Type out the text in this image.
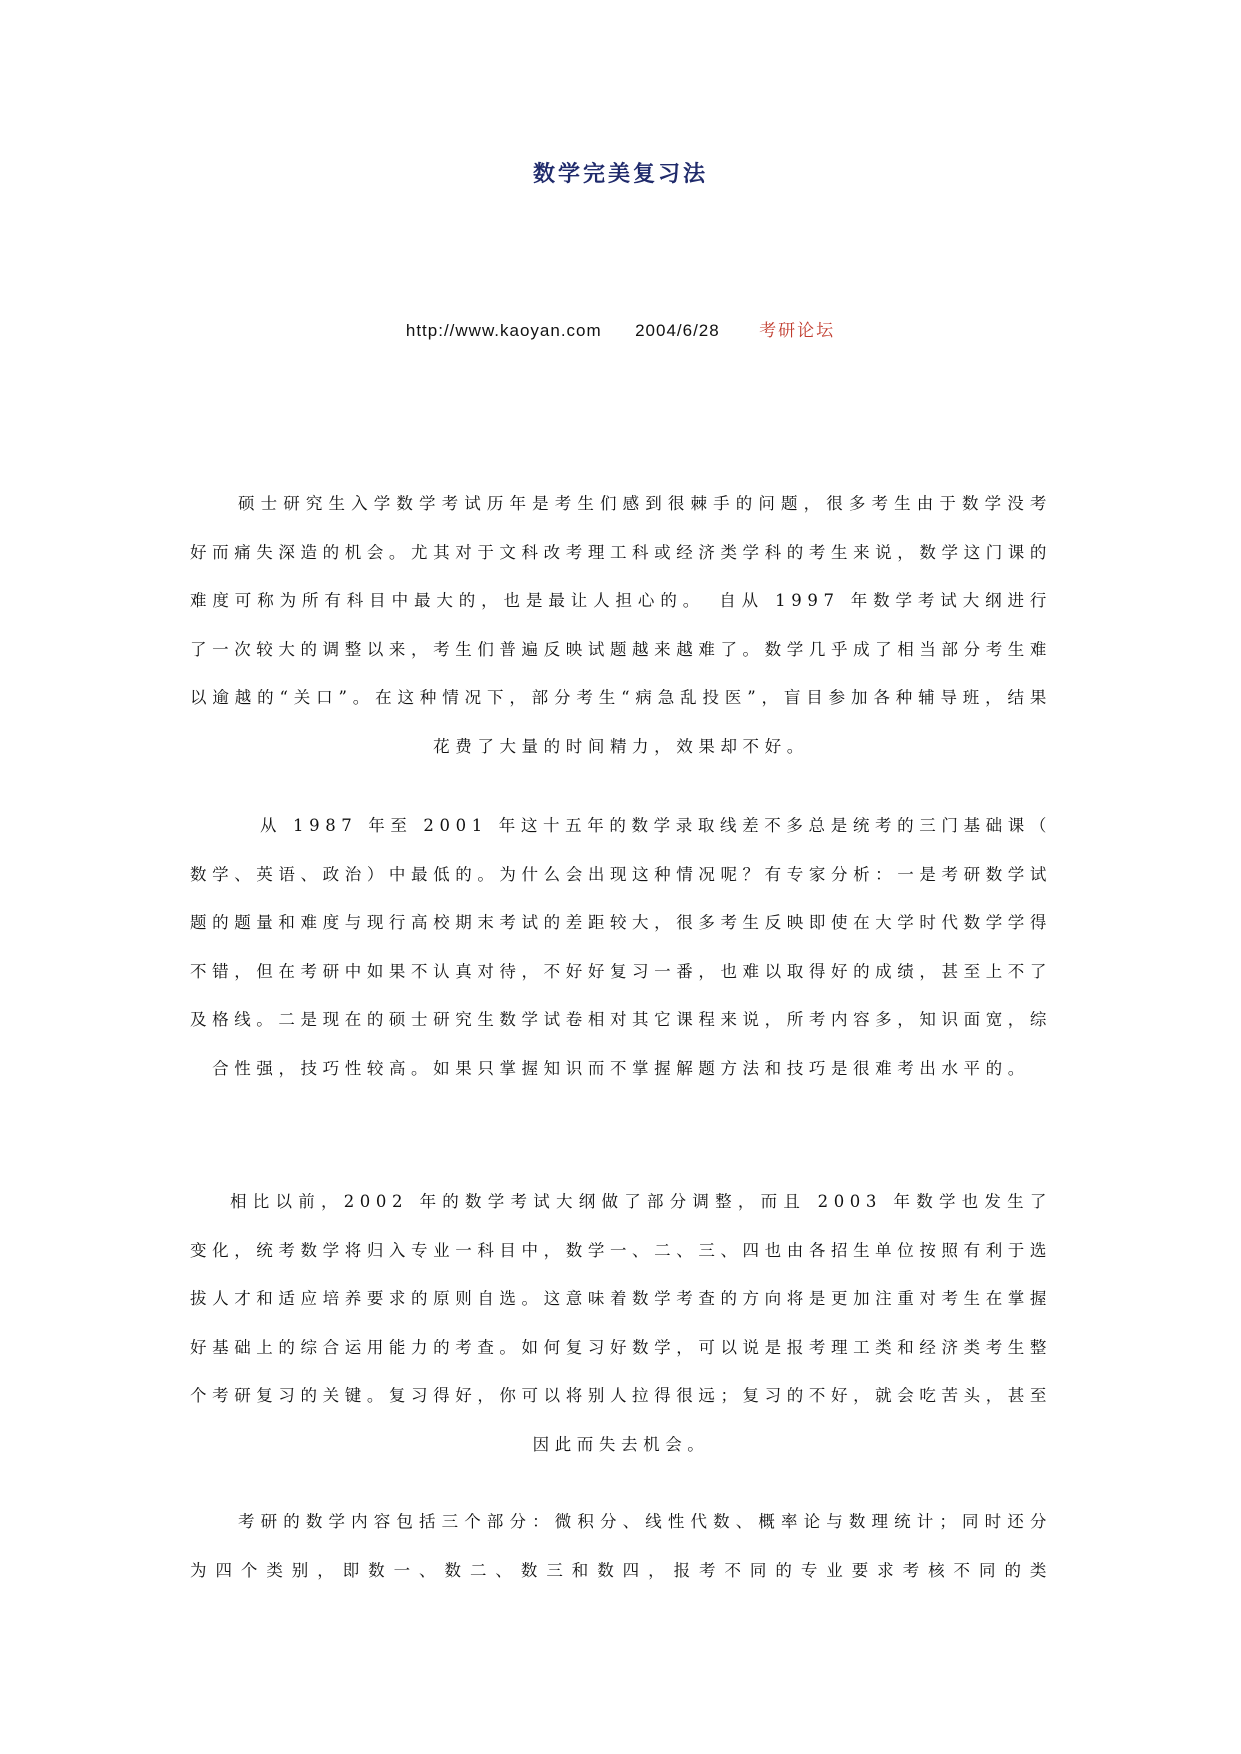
数学完美复习法
http://www.kaoyan.com 2004/6/28 考研论坛
硕士研究生入学数学考试历年是考生们感到很棘手的问题，很多考生由于数学没考好而痛失深造的机会。尤其对于文科改考理工科或经济类学科的考生来说，数学这门课的难度可称为所有科目中最大的，也是最让人担心的。　自从 1997 年数学考试大纲进行了一次较大的调整以来，考生们普遍反映试题越来越难了。数学几乎成了相当部分考生难以逾越的“关口”。在这种情况下，部分考生“病急乱投医”，盲目参加各种辅导班，结果花费了大量的时间精力，效果却不好。
从 1987 年至 2001 年这十五年的数学录取线差不多总是统考的三门基础课（　数学、英语、政治）中最低的。为什么会出现这种情况呢？有专家分析：一是考研数学试题的题量和难度与现行高校期末考试的差距较大，很多考生反映即使在大学时代数学学得不错，但在考研中如果不认真对待，不好好复习一番，也难以取得好的成绩，甚至上不了及格线。二是现在的硕士研究生数学试卷相对其它课程来说，所考内容多，知识面宽，综合性强，技巧性较高。如果只掌握知识而不掌握解题方法和技巧是很难考出水平的。
相比以前，2002 年的数学考试大纲做了部分调整，而且 2003 年数学也发生了变化，统考数学将归入专业一科目中，数学一、二、三、四也由各招生单位按照有利于选拔人才和适应培养要求的原则自选。这意味着数学考查的方向将是更加注重对考生在掌握好基础上的综合运用能力的考查。如何复习好数学，可以说是报考理工类和经济类考生整个考研复习的关键。复习得好，你可以将别人拉得很远；复习的不好，就会吃苦头，甚至因此而失去机会。
考研的数学内容包括三个部分：微积分、线性代数、概率论与数理统计；同时还分为四个类别，即数一、数二、数三和数四，报考不同的专业要求考核不同的类
